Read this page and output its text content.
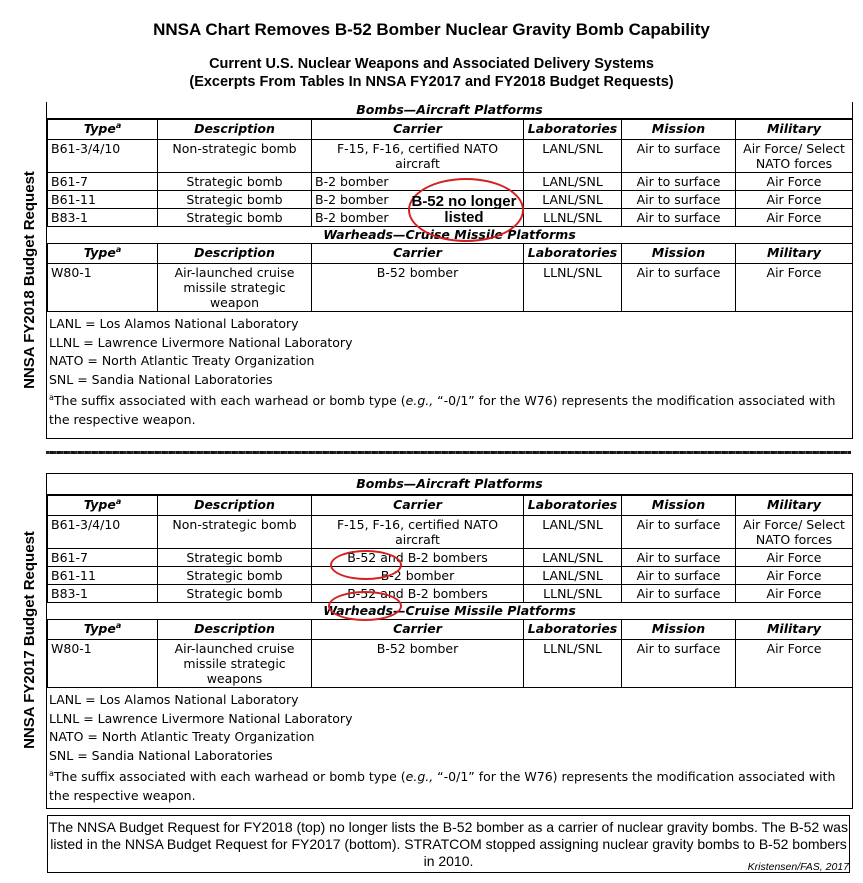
NNSA Chart Removes B-52 Bomber Nuclear Gravity Bomb Capability
Current U.S. Nuclear Weapons and Associated Delivery Systems
(Excerpts From Tables In NNSA FY2017 and FY2018 Budget Requests)
NNSA FY2018 Budget Request
NNSA FY2017 Budget Request
Bombs—Aircraft Platforms
Type$^a$	Description	Carrier	Laboratories	Mission	Military
B61-3/4/10	Non-strategic bomb	F-15, F-16, certified NATO aircraft	LANL/SNL	Air to surface	Air Force/ Select NATO forces
B61-7	Strategic bomb	B-2 bomber	LANL/SNL	Air to surface	Air Force
B61-11	Strategic bomb	B-2 bomber	LANL/SNL	Air to surface	Air Force
B83-1	Strategic bomb	B-2 bomber	LLNL/SNL	Air to surface	Air Force
Warheads—Cruise Missile Platforms
Type$^a$	Description	Carrier	Laboratories	Mission	Military
W80-1	Air-launched cruise missile strategic weapon	B-52 bomber	LLNL/SNL	Air to surface	Air Force
LANL = Los Alamos National Laboratory
LLNL = Lawrence Livermore National Laboratory
NATO = North Atlantic Treaty Organization
SNL = Sandia National Laboratories
$^a$The suffix associated with each warhead or bomb type (e.g., “-0/1” for the W76) represents the modification associated with the respective weapon.
Bombs—Aircraft Platforms
Type$^a$	Description	Carrier	Laboratories	Mission	Military
B61-3/4/10	Non-strategic bomb	F-15, F-16, certified NATO aircraft	LANL/SNL	Air to surface	Air Force/ Select NATO forces
B61-7	Strategic bomb	B-52 and B-2 bombers	LANL/SNL	Air to surface	Air Force
B61-11	Strategic bomb	B-2 bomber	LANL/SNL	Air to surface	Air Force
B83-1	Strategic bomb	B-52 and B-2 bombers	LLNL/SNL	Air to surface	Air Force
Warheads—Cruise Missile Platforms
Type$^a$	Description	Carrier	Laboratories	Mission	Military
W80-1	Air-launched cruise missile strategic weapons	B-52 bomber	LLNL/SNL	Air to surface	Air Force
LANL = Los Alamos National Laboratory
LLNL = Lawrence Livermore National Laboratory
NATO = North Atlantic Treaty Organization
SNL = Sandia National Laboratories
$^a$The suffix associated with each warhead or bomb type (e.g., “-0/1” for the W76) represents the modification associated with the respective weapon.
B-52 no longer listed
The NNSA Budget Request for FY2018 (top) no longer lists the B-52 bomber as a carrier of nuclear gravity bombs. The B-52 was listed in the NNSA Budget Request for FY2017 (bottom). STRATCOM stopped assigning nuclear gravity bombs to B-52 bombers in 2010.	Kristensen/FAS, 2017
